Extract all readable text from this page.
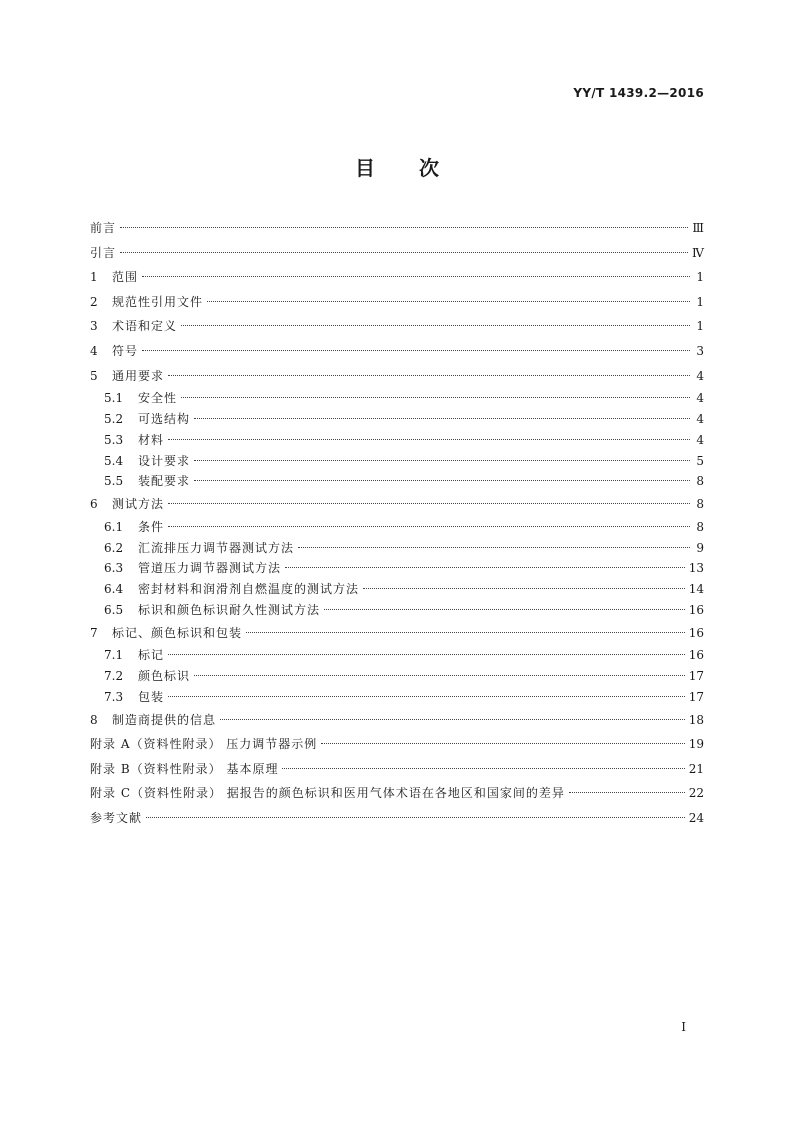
YY/T 1439.2—2016
目次
前言	Ⅲ
引言	Ⅳ
1	范围	1
2	规范性引用文件	1
3	术语和定义	1
4	符号	3
5	通用要求	4
5.1	安全性	4
5.2	可选结构	4
5.3	材料	4
5.4	设计要求	5
5.5	装配要求	8
6	测试方法	8
6.1	条件	8
6.2	汇流排压力调节器测试方法	9
6.3	管道压力调节器测试方法	13
6.4	密封材料和润滑剂自燃温度的测试方法	14
6.5	标识和颜色标识耐久性测试方法	16
7	标记、颜色标识和包装	16
7.1	标记	16
7.2	颜色标识	17
7.3	包装	17
8	制造商提供的信息	18
附录 A（资料性附录） 压力调节器示例	19
附录 B（资料性附录） 基本原理	21
附录 C（资料性附录） 据报告的颜色标识和医用气体术语在各地区和国家间的差异	22
参考文献	24
Ⅰ
